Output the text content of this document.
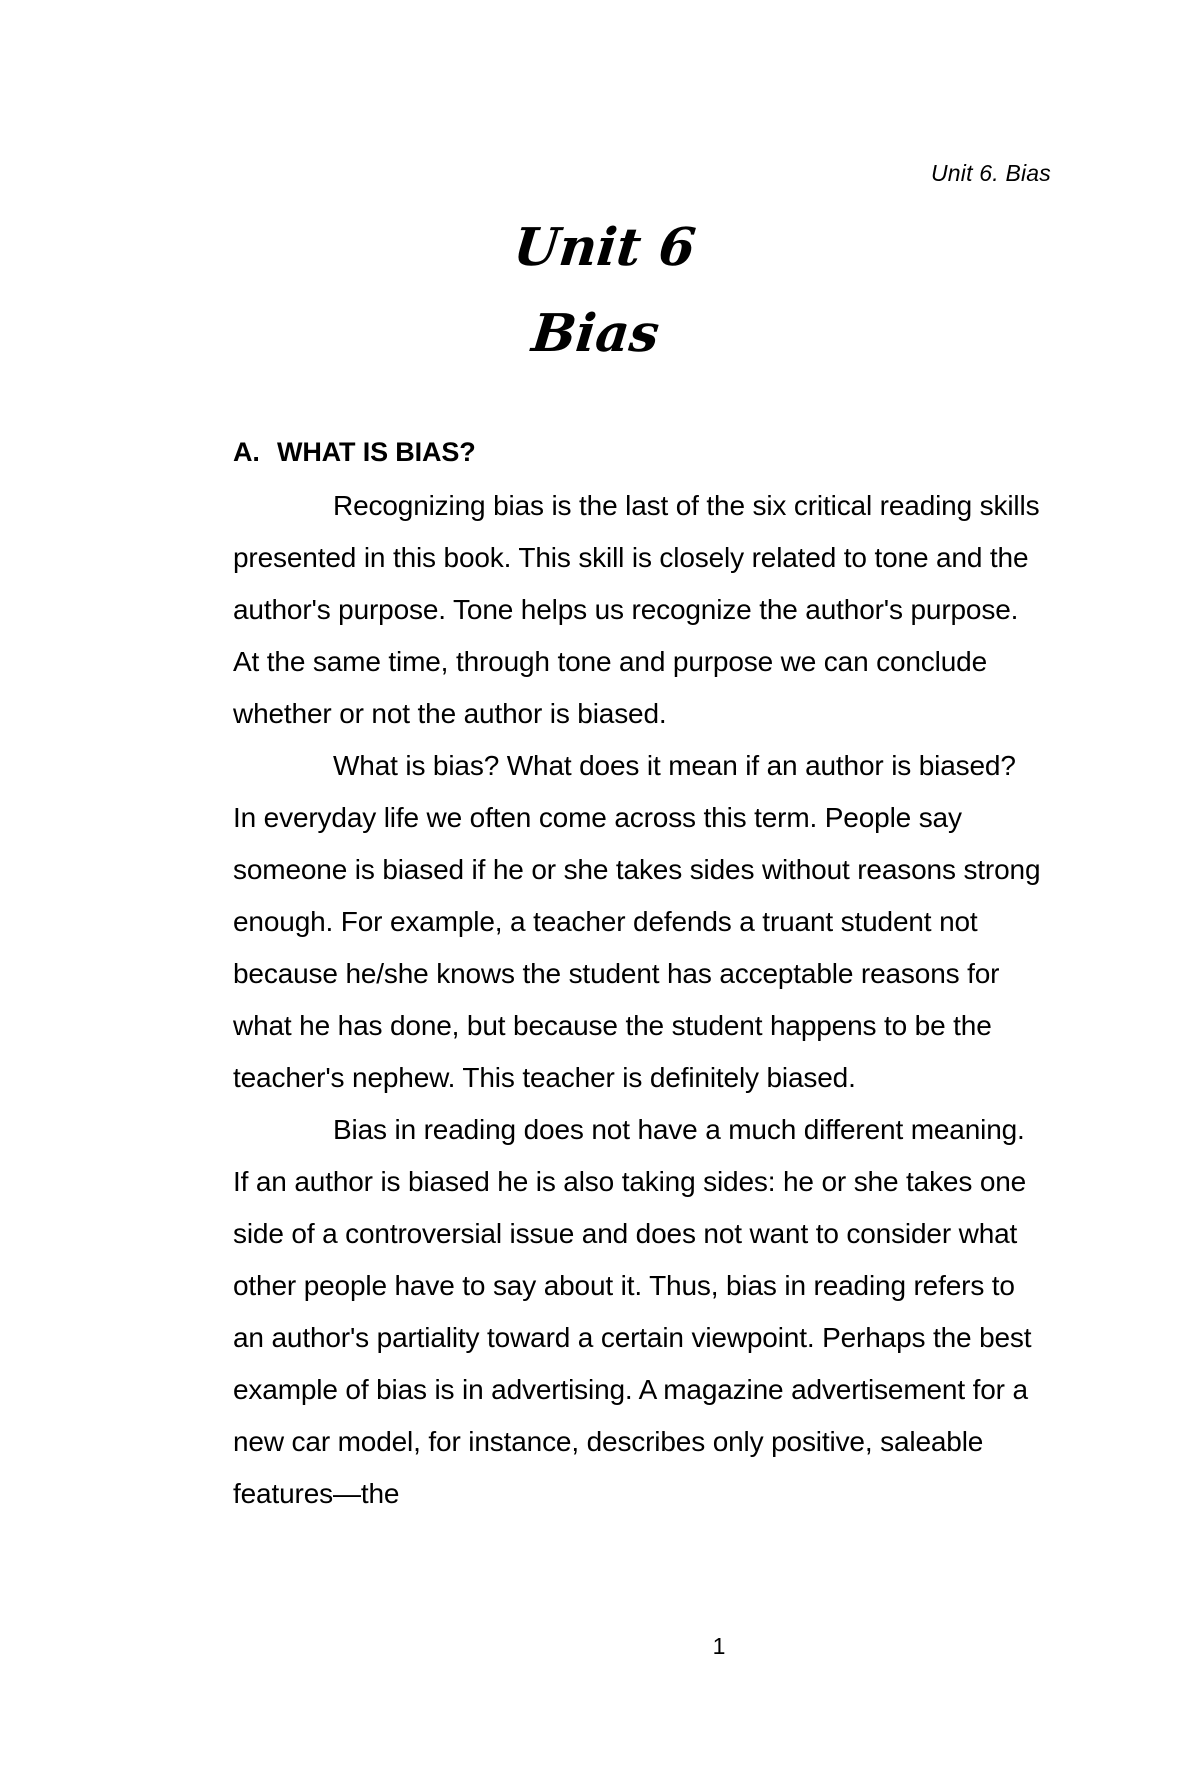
Unit 6. Bias
Unit 6
Bias
A. WHAT IS BIAS?

Recognizing bias is the last of the six critical reading skills presented in this book. This skill is closely related to tone and the author's purpose. Tone helps us recognize the author's purpose. At the same time, through tone and purpose we can conclude whether or not the author is biased.

What is bias? What does it mean if an author is biased? In everyday life we often come across this term. People say someone is biased if he or she takes sides without reasons strong enough. For example, a teacher defends a truant student not because he/she knows the student has acceptable reasons for what he has done, but because the student happens to be the teacher's nephew. This teacher is definitely biased.

Bias in reading does not have a much different meaning. If an author is biased he is also taking sides: he or she takes one side of a controversial issue and does not want to consider what other people have to say about it. Thus, bias in reading refers to an author's partiality toward a certain viewpoint. Perhaps the best example of bias is in advertising. A magazine advertisement for a new car model, for instance, describes only positive, saleable features—the

1
